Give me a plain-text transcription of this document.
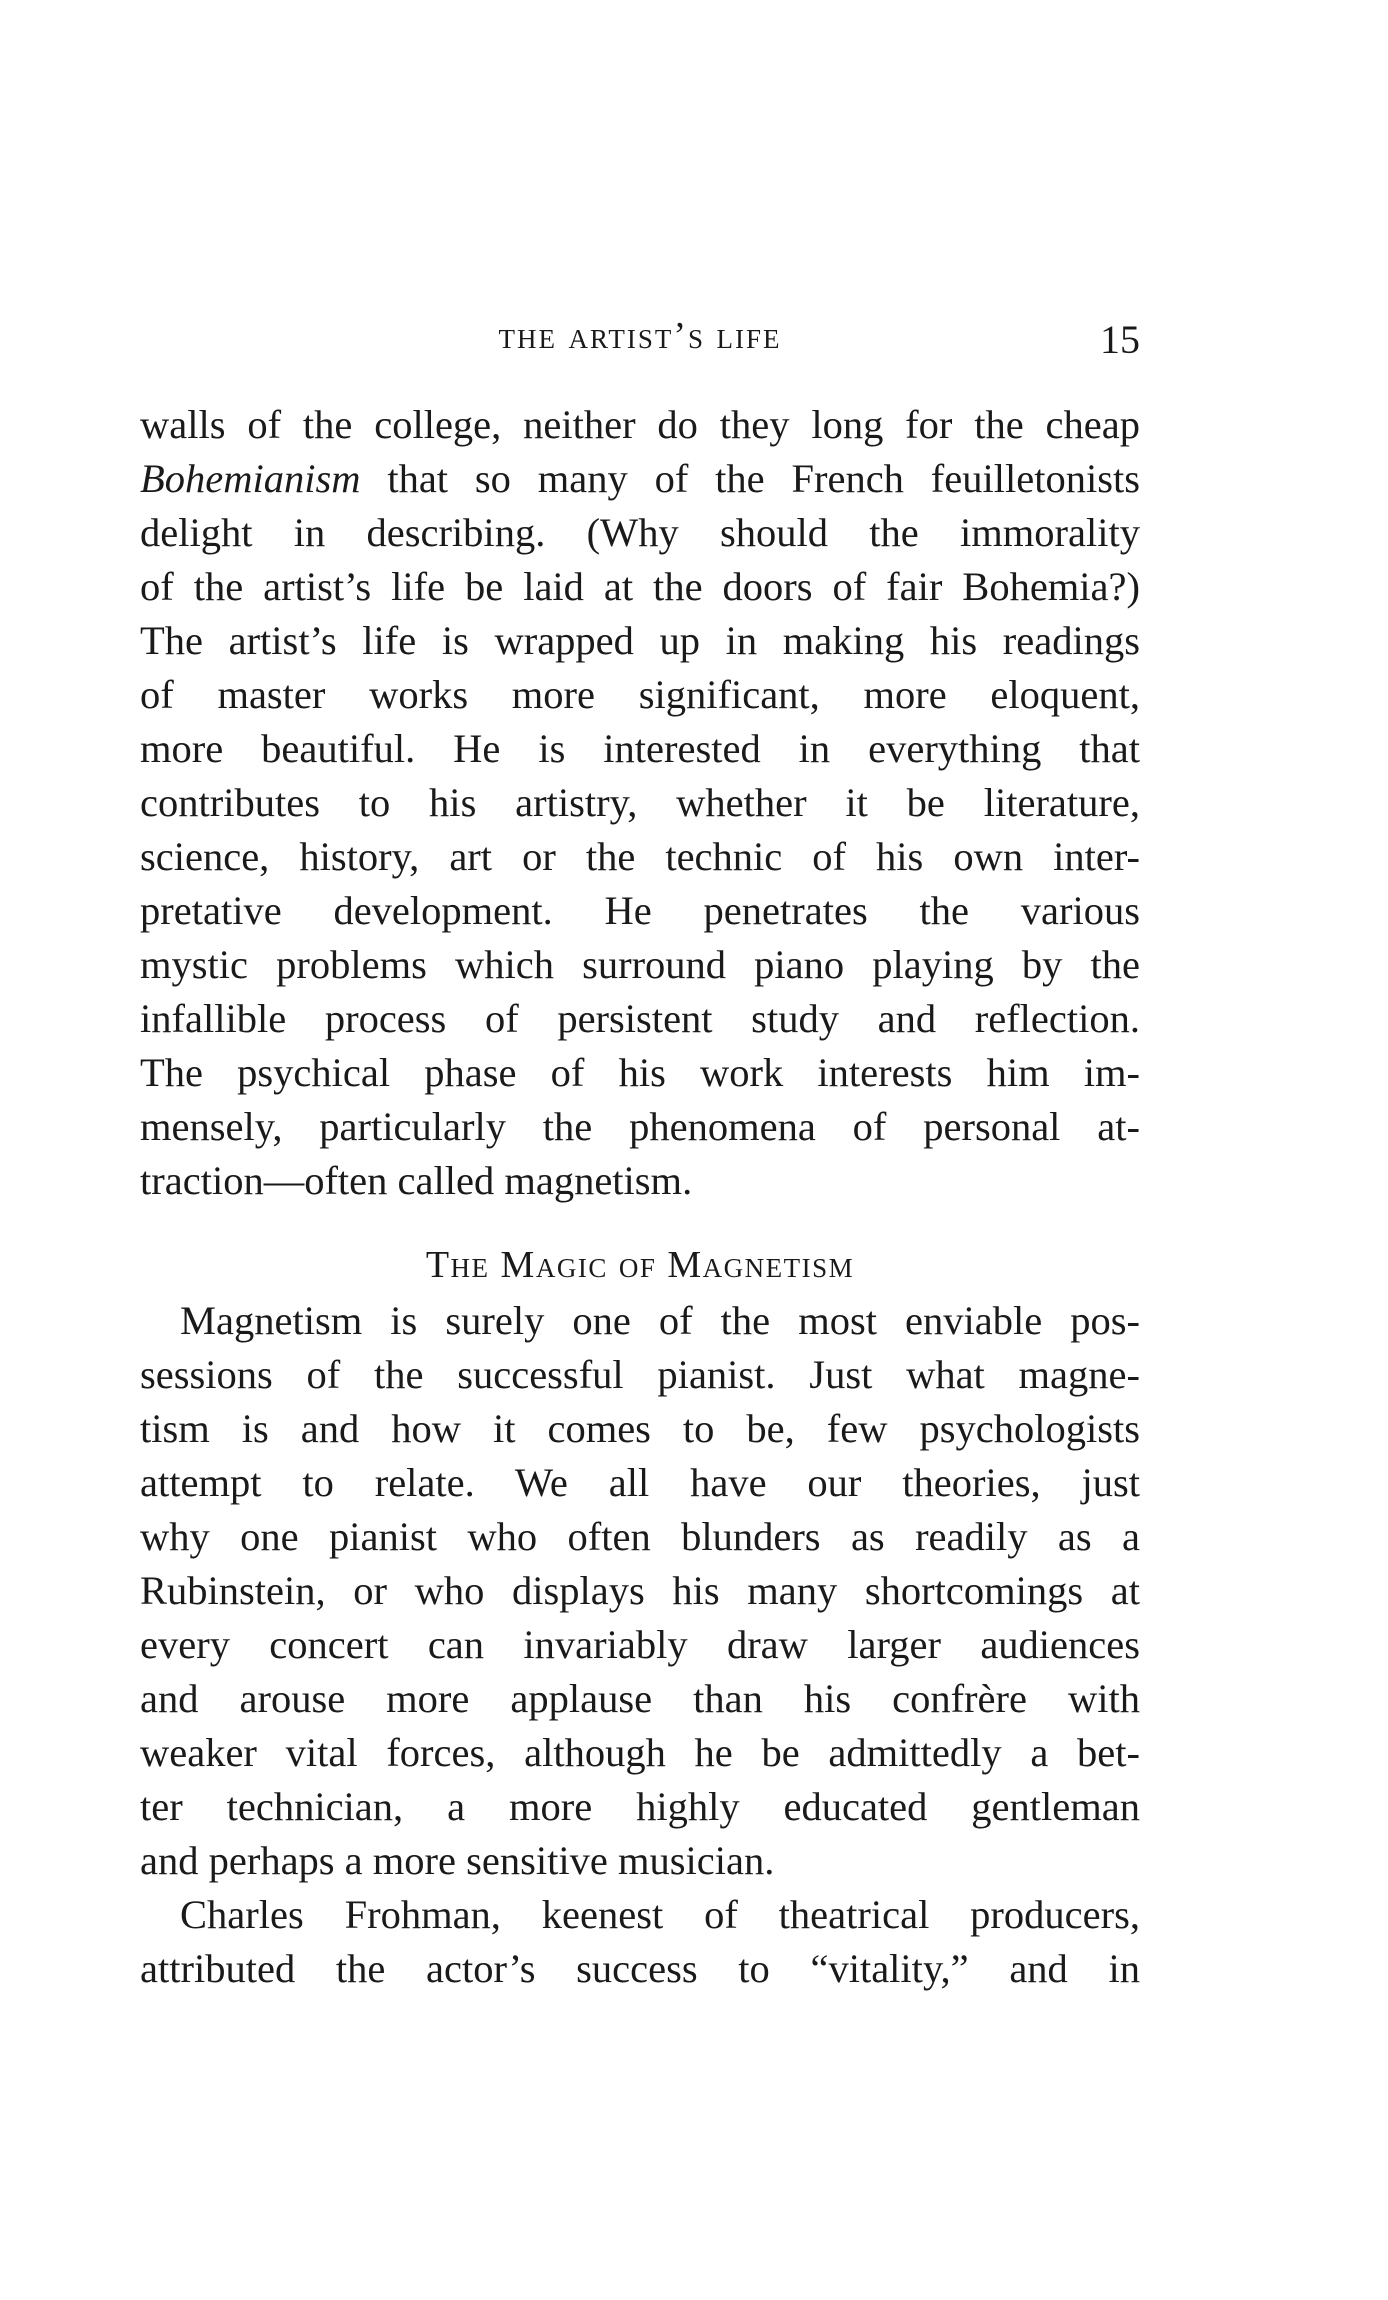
the artist’s life	15
walls of the college, neither do they long for the cheap
Bohemianism that so many of the French feuilletonists
delight in describing. (Why should the immorality
of the artist’s life be laid at the doors of fair Bohemia?)
The artist’s life is wrapped up in making his readings
of master works more significant, more eloquent,
more beautiful. He is interested in everything that
contributes to his artistry, whether it be literature,
science, history, art or the technic of his own inter-
pretative development. He penetrates the various
mystic problems which surround piano playing by the
infallible process of persistent study and reflection.
The psychical phase of his work interests him im-
mensely, particularly the phenomena of personal at-
traction—often called magnetism.
The Magic of Magnetism
Magnetism is surely one of the most enviable pos-
sessions of the successful pianist. Just what magne-
tism is and how it comes to be, few psychologists
attempt to relate. We all have our theories, just
why one pianist who often blunders as readily as a
Rubinstein, or who displays his many shortcomings at
every concert can invariably draw larger audiences
and arouse more applause than his confrère with
weaker vital forces, although he be admittedly a bet-
ter technician, a more highly educated gentleman
and perhaps a more sensitive musician.
Charles Frohman, keenest of theatrical producers,
attributed the actor’s success to “vitality,” and in
